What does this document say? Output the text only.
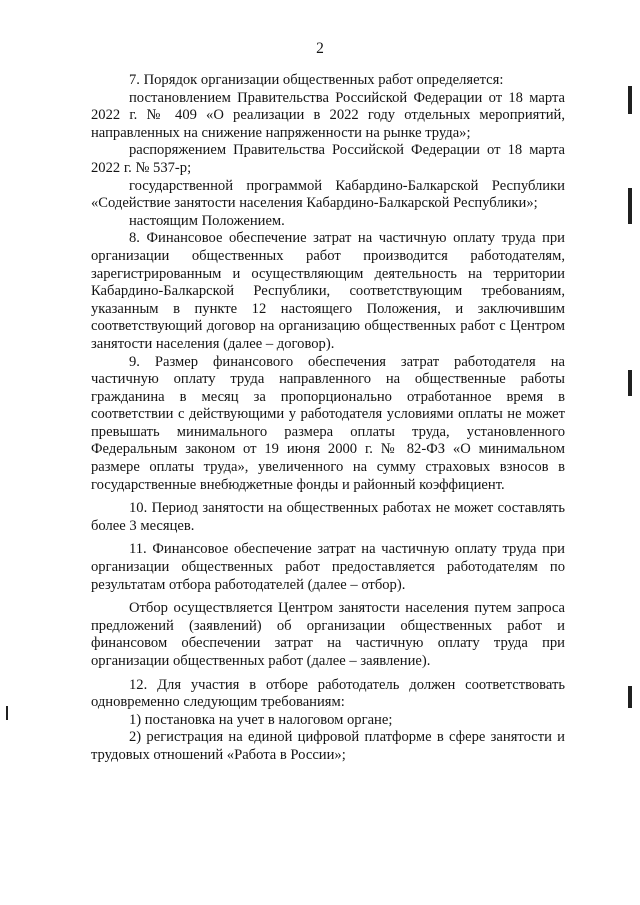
2

7. Порядок организации общественных работ определяется:

постановлением Правительства Российской Федерации от 18 марта 2022 г. № 409 «О реализации в 2022 году отдельных мероприятий, направленных на снижение напряженности на рынке труда»;

распоряжением Правительства Российской Федерации от 18 марта 2022 г. № 537-р;

государственной программой Кабардино-Балкарской Республики «Содействие занятости населения Кабардино-Балкарской Республики»;

настоящим Положением.

8. Финансовое обеспечение затрат на частичную оплату труда при организации общественных работ производится работодателям, зарегистрированным и осуществляющим деятельность на территории Кабардино-Балкарской Республики, соответствующим требованиям, указанным в пункте 12 настоящего Положения, и заключившим соответствующий договор на организацию общественных работ с Центром занятости населения (далее – договор).

9. Размер финансового обеспечения затрат работодателя на частичную оплату труда направленного на общественные работы гражданина в месяц за пропорционально отработанное время в соответствии с действующими у работодателя условиями оплаты не может превышать минимального размера оплаты труда, установленного Федеральным законом от 19 июня 2000 г. № 82-ФЗ «О минимальном размере оплаты труда», увеличенного на сумму страховых взносов в государственные внебюджетные фонды и районный коэффициент.

10. Период занятости на общественных работах не может составлять более 3 месяцев.

11. Финансовое обеспечение затрат на частичную оплату труда при организации общественных работ предоставляется работодателям по результатам отбора работодателей (далее – отбор).

Отбор осуществляется Центром занятости населения путем запроса предложений (заявлений) об организации общественных работ и финансовом обеспечении затрат на частичную оплату труда при организации общественных работ (далее – заявление).

12. Для участия в отборе работодатель должен соответствовать одновременно следующим требованиям:

1) постановка на учет в налоговом органе;

2) регистрация на единой цифровой платформе в сфере занятости и трудовых отношений «Работа в России»;
